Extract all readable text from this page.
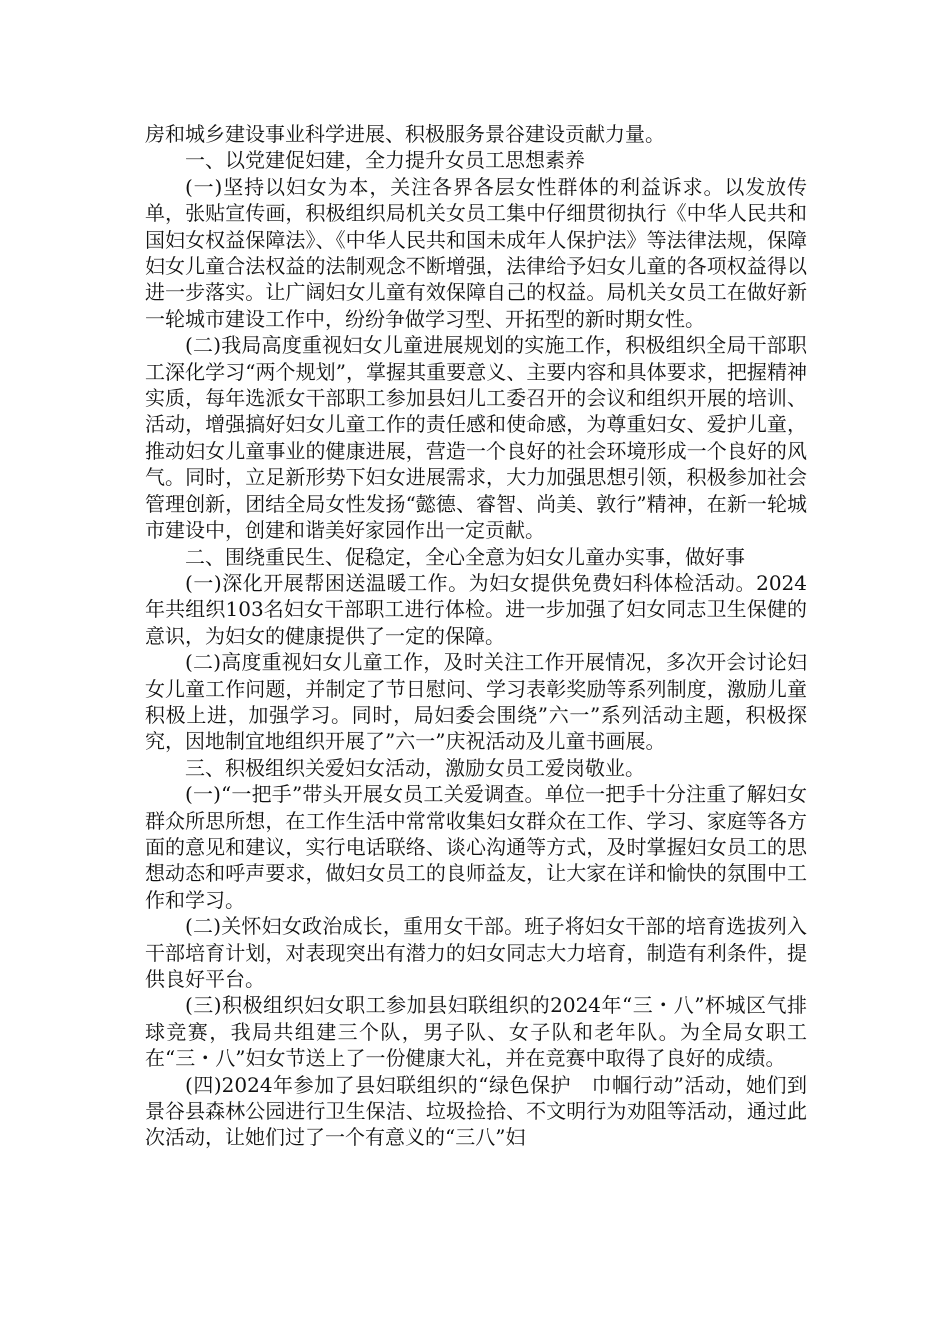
房和城乡建设事业科学进展、积极服务景谷建设贡献力量。

一、以党建促妇建，全力提升女员工思想素养

(一)坚持以妇女为本，关注各界各层女性群体的利益诉求。以发放传单，张贴宣传画，积极组织局机关女员工集中仔细贯彻执行《中华人民共和国妇女权益保障法》、《中华人民共和国未成年人保护法》等法律法规，保障妇女儿童合法权益的法制观念不断增强，法律给予妇女儿童的各项权益得以进一步落实。让广阔妇女儿童有效保障自己的权益。局机关女员工在做好新一轮城市建设工作中，纷纷争做学习型、开拓型的新时期女性。

(二)我局高度重视妇女儿童进展规划的实施工作，积极组织全局干部职工深化学习“两个规划”，掌握其重要意义、主要内容和具体要求，把握精神实质，每年选派女干部职工参加县妇儿工委召开的会议和组织开展的培训、活动，增强搞好妇女儿童工作的责任感和使命感，为尊重妇女、爱护儿童，推动妇女儿童事业的健康进展，营造一个良好的社会环境形成一个良好的风气。同时，立足新形势下妇女进展需求，大力加强思想引领，积极参加社会管理创新，团结全局女性发扬“懿德、睿智、尚美、敦行”精神，在新一轮城市建设中，创建和谐美好家园作出一定贡献。

二、围绕重民生、促稳定，全心全意为妇女儿童办实事，做好事

(一)深化开展帮困送温暖工作。为妇女提供免费妇科体检活动。2024年共组织103名妇女干部职工进行体检。进一步加强了妇女同志卫生保健的意识，为妇女的健康提供了一定的保障。

(二)高度重视妇女儿童工作，及时关注工作开展情况，多次开会讨论妇女儿童工作问题，并制定了节日慰问、学习表彰奖励等系列制度，激励儿童积极上进，加强学习。同时，局妇委会围绕”六一”系列活动主题，积极探究，因地制宜地组织开展了”六一”庆祝活动及儿童书画展。

三、积极组织关爱妇女活动，激励女员工爱岗敬业。

(一)“一把手”带头开展女员工关爱调查。单位一把手十分注重了解妇女群众所思所想，在工作生活中常常收集妇女群众在工作、学习、家庭等各方面的意见和建议，实行电话联络、谈心沟通等方式，及时掌握妇女员工的思想动态和呼声要求，做妇女员工的良师益友，让大家在详和愉快的氛围中工作和学习。

(二)关怀妇女政治成长，重用女干部。班子将妇女干部的培育选拔列入干部培育计划，对表现突出有潜力的妇女同志大力培育，制造有利条件，提供良好平台。

(三)积极组织妇女职工参加县妇联组织的2024年“三・八”杯城区气排球竞赛，我局共组建三个队，男子队、女子队和老年队。为全局女职工在“三・八”妇女节送上了一份健康大礼，并在竞赛中取得了良好的成绩。

(四)2024年参加了县妇联组织的“绿色保护　巾帼行动”活动，她们到景谷县森林公园进行卫生保洁、垃圾捡拾、不文明行为劝阻等活动，通过此次活动，让她们过了一个有意义的“三八”妇
